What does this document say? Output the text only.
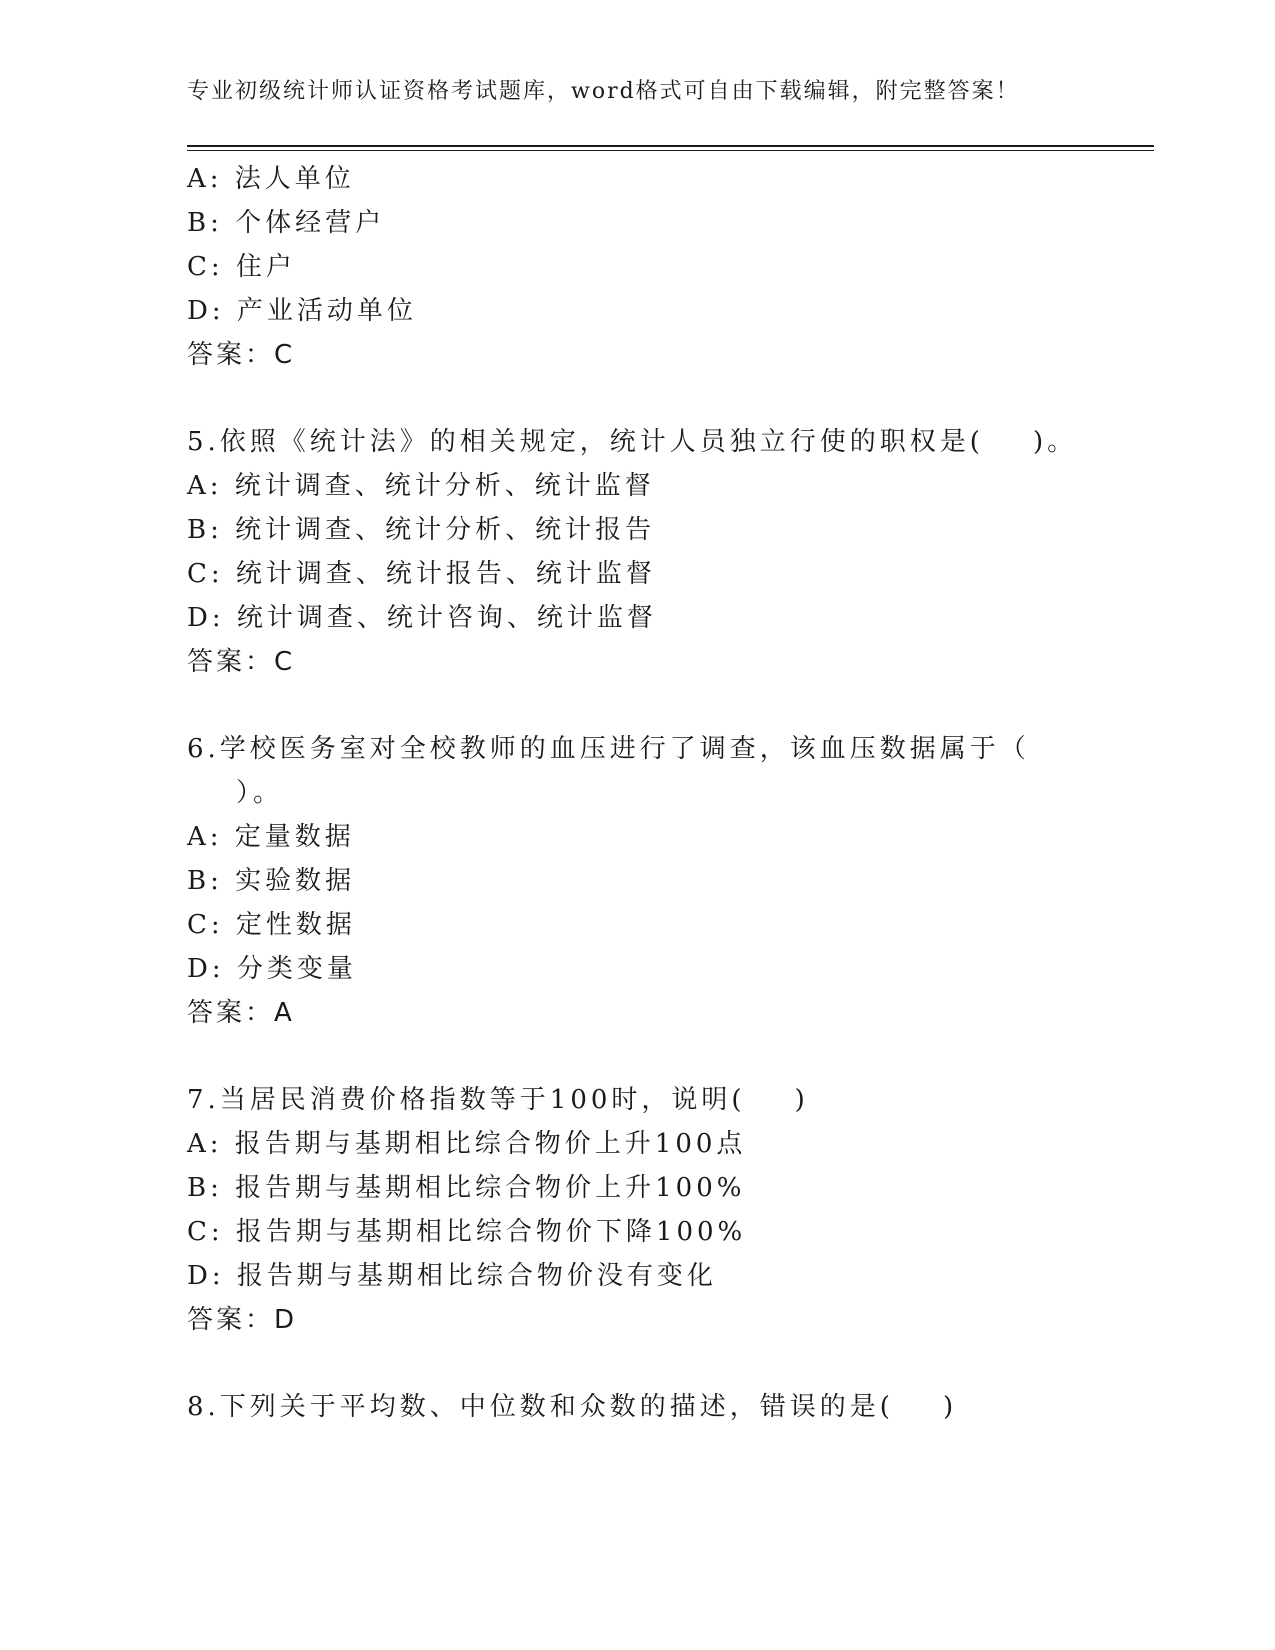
专业初级统计师认证资格考试题库，word格式可自由下载编辑，附完整答案！
A: 法人单位
B: 个体经营户
C: 住户
D: 产业活动单位
答案：C
5.依照《统计法》的相关规定，统计人员独立行使的职权是(    )。
A: 统计调查、统计分析、统计监督
B: 统计调查、统计分析、统计报告
C: 统计调查、统计报告、统计监督
D: 统计调查、统计咨询、统计监督
答案：C
6.学校医务室对全校教师的血压进行了调查，该血压数据属于（
）。
A: 定量数据
B: 实验数据
C: 定性数据
D: 分类变量
答案：A
7.当居民消费价格指数等于100时，说明(    )
A: 报告期与基期相比综合物价上升100点
B: 报告期与基期相比综合物价上升100%
C: 报告期与基期相比综合物价下降100%
D: 报告期与基期相比综合物价没有变化
答案：D
8.下列关于平均数、中位数和众数的描述，错误的是(    )
